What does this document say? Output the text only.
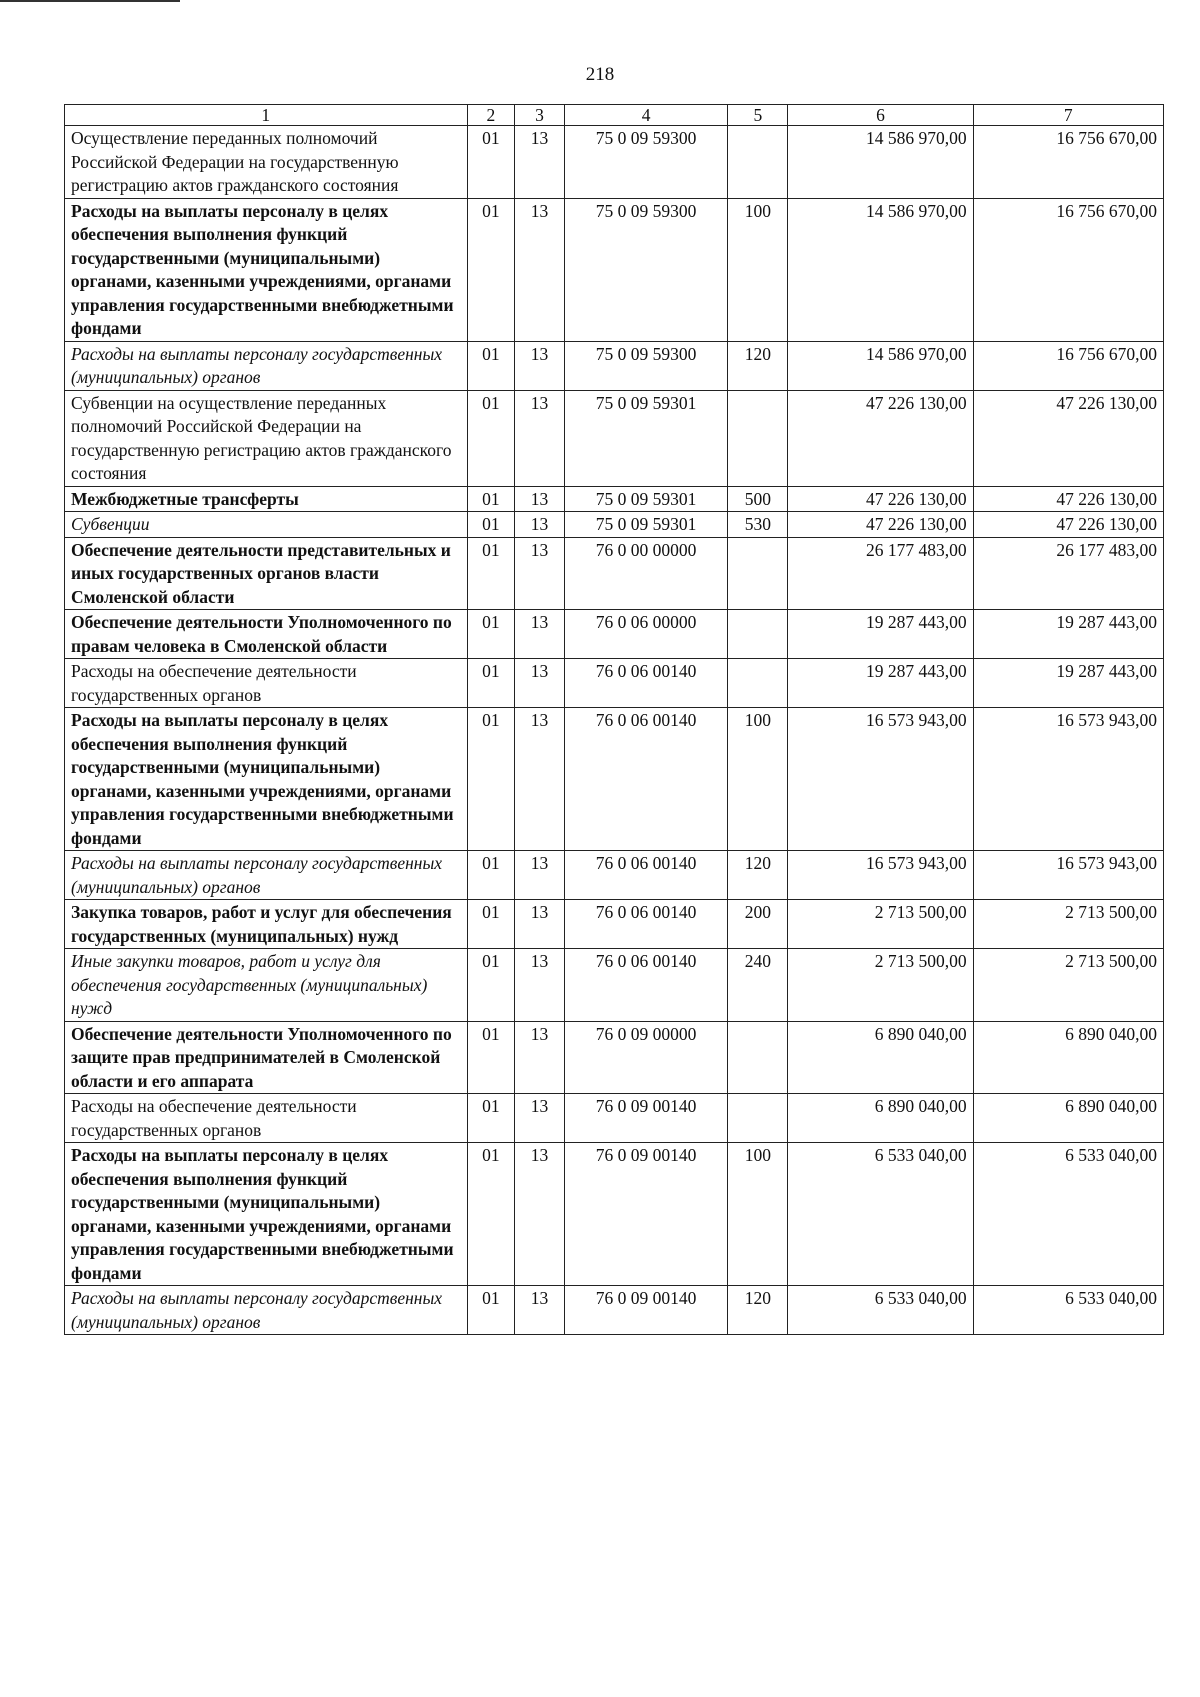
218
1	2	3	4	5	6	7
Осуществление переданных полномочий Российской Федерации на государственную регистрацию актов гражданского состояния	01	13	75 0 09 59300		14 586 970,00	16 756 670,00
Расходы на выплаты персоналу в целях обеспечения выполнения функций государственными (муниципальными) органами, казенными учреждениями, органами управления государственными внебюджетными фондами	01	13	75 0 09 59300	100	14 586 970,00	16 756 670,00
Расходы на выплаты персоналу государственных (муниципальных) органов	01	13	75 0 09 59300	120	14 586 970,00	16 756 670,00
Субвенции на осуществление переданных полномочий Российской Федерации на государственную регистрацию актов гражданского состояния	01	13	75 0 09 59301		47 226 130,00	47 226 130,00
Межбюджетные трансферты	01	13	75 0 09 59301	500	47 226 130,00	47 226 130,00
Субвенции	01	13	75 0 09 59301	530	47 226 130,00	47 226 130,00
Обеспечение деятельности представительных и иных государственных органов власти Смоленской области	01	13	76 0 00 00000		26 177 483,00	26 177 483,00
Обеспечение деятельности Уполномоченного по правам человека в Смоленской области	01	13	76 0 06 00000		19 287 443,00	19 287 443,00
Расходы на обеспечение деятельности государственных органов	01	13	76 0 06 00140		19 287 443,00	19 287 443,00
Расходы на выплаты персоналу в целях обеспечения выполнения функций государственными (муниципальными) органами, казенными учреждениями, органами управления государственными внебюджетными фондами	01	13	76 0 06 00140	100	16 573 943,00	16 573 943,00
Расходы на выплаты персоналу государственных (муниципальных) органов	01	13	76 0 06 00140	120	16 573 943,00	16 573 943,00
Закупка товаров, работ и услуг для обеспечения государственных (муниципальных) нужд	01	13	76 0 06 00140	200	2 713 500,00	2 713 500,00
Иные закупки товаров, работ и услуг для обеспечения государственных (муниципальных) нужд	01	13	76 0 06 00140	240	2 713 500,00	2 713 500,00
Обеспечение деятельности Уполномоченного по защите прав предпринимателей в Смоленской области и его аппарата	01	13	76 0 09 00000		6 890 040,00	6 890 040,00
Расходы на обеспечение деятельности государственных органов	01	13	76 0 09 00140		6 890 040,00	6 890 040,00
Расходы на выплаты персоналу в целях обеспечения выполнения функций государственными (муниципальными) органами, казенными учреждениями, органами управления государственными внебюджетными фондами	01	13	76 0 09 00140	100	6 533 040,00	6 533 040,00
Расходы на выплаты персоналу государственных (муниципальных) органов	01	13	76 0 09 00140	120	6 533 040,00	6 533 040,00
